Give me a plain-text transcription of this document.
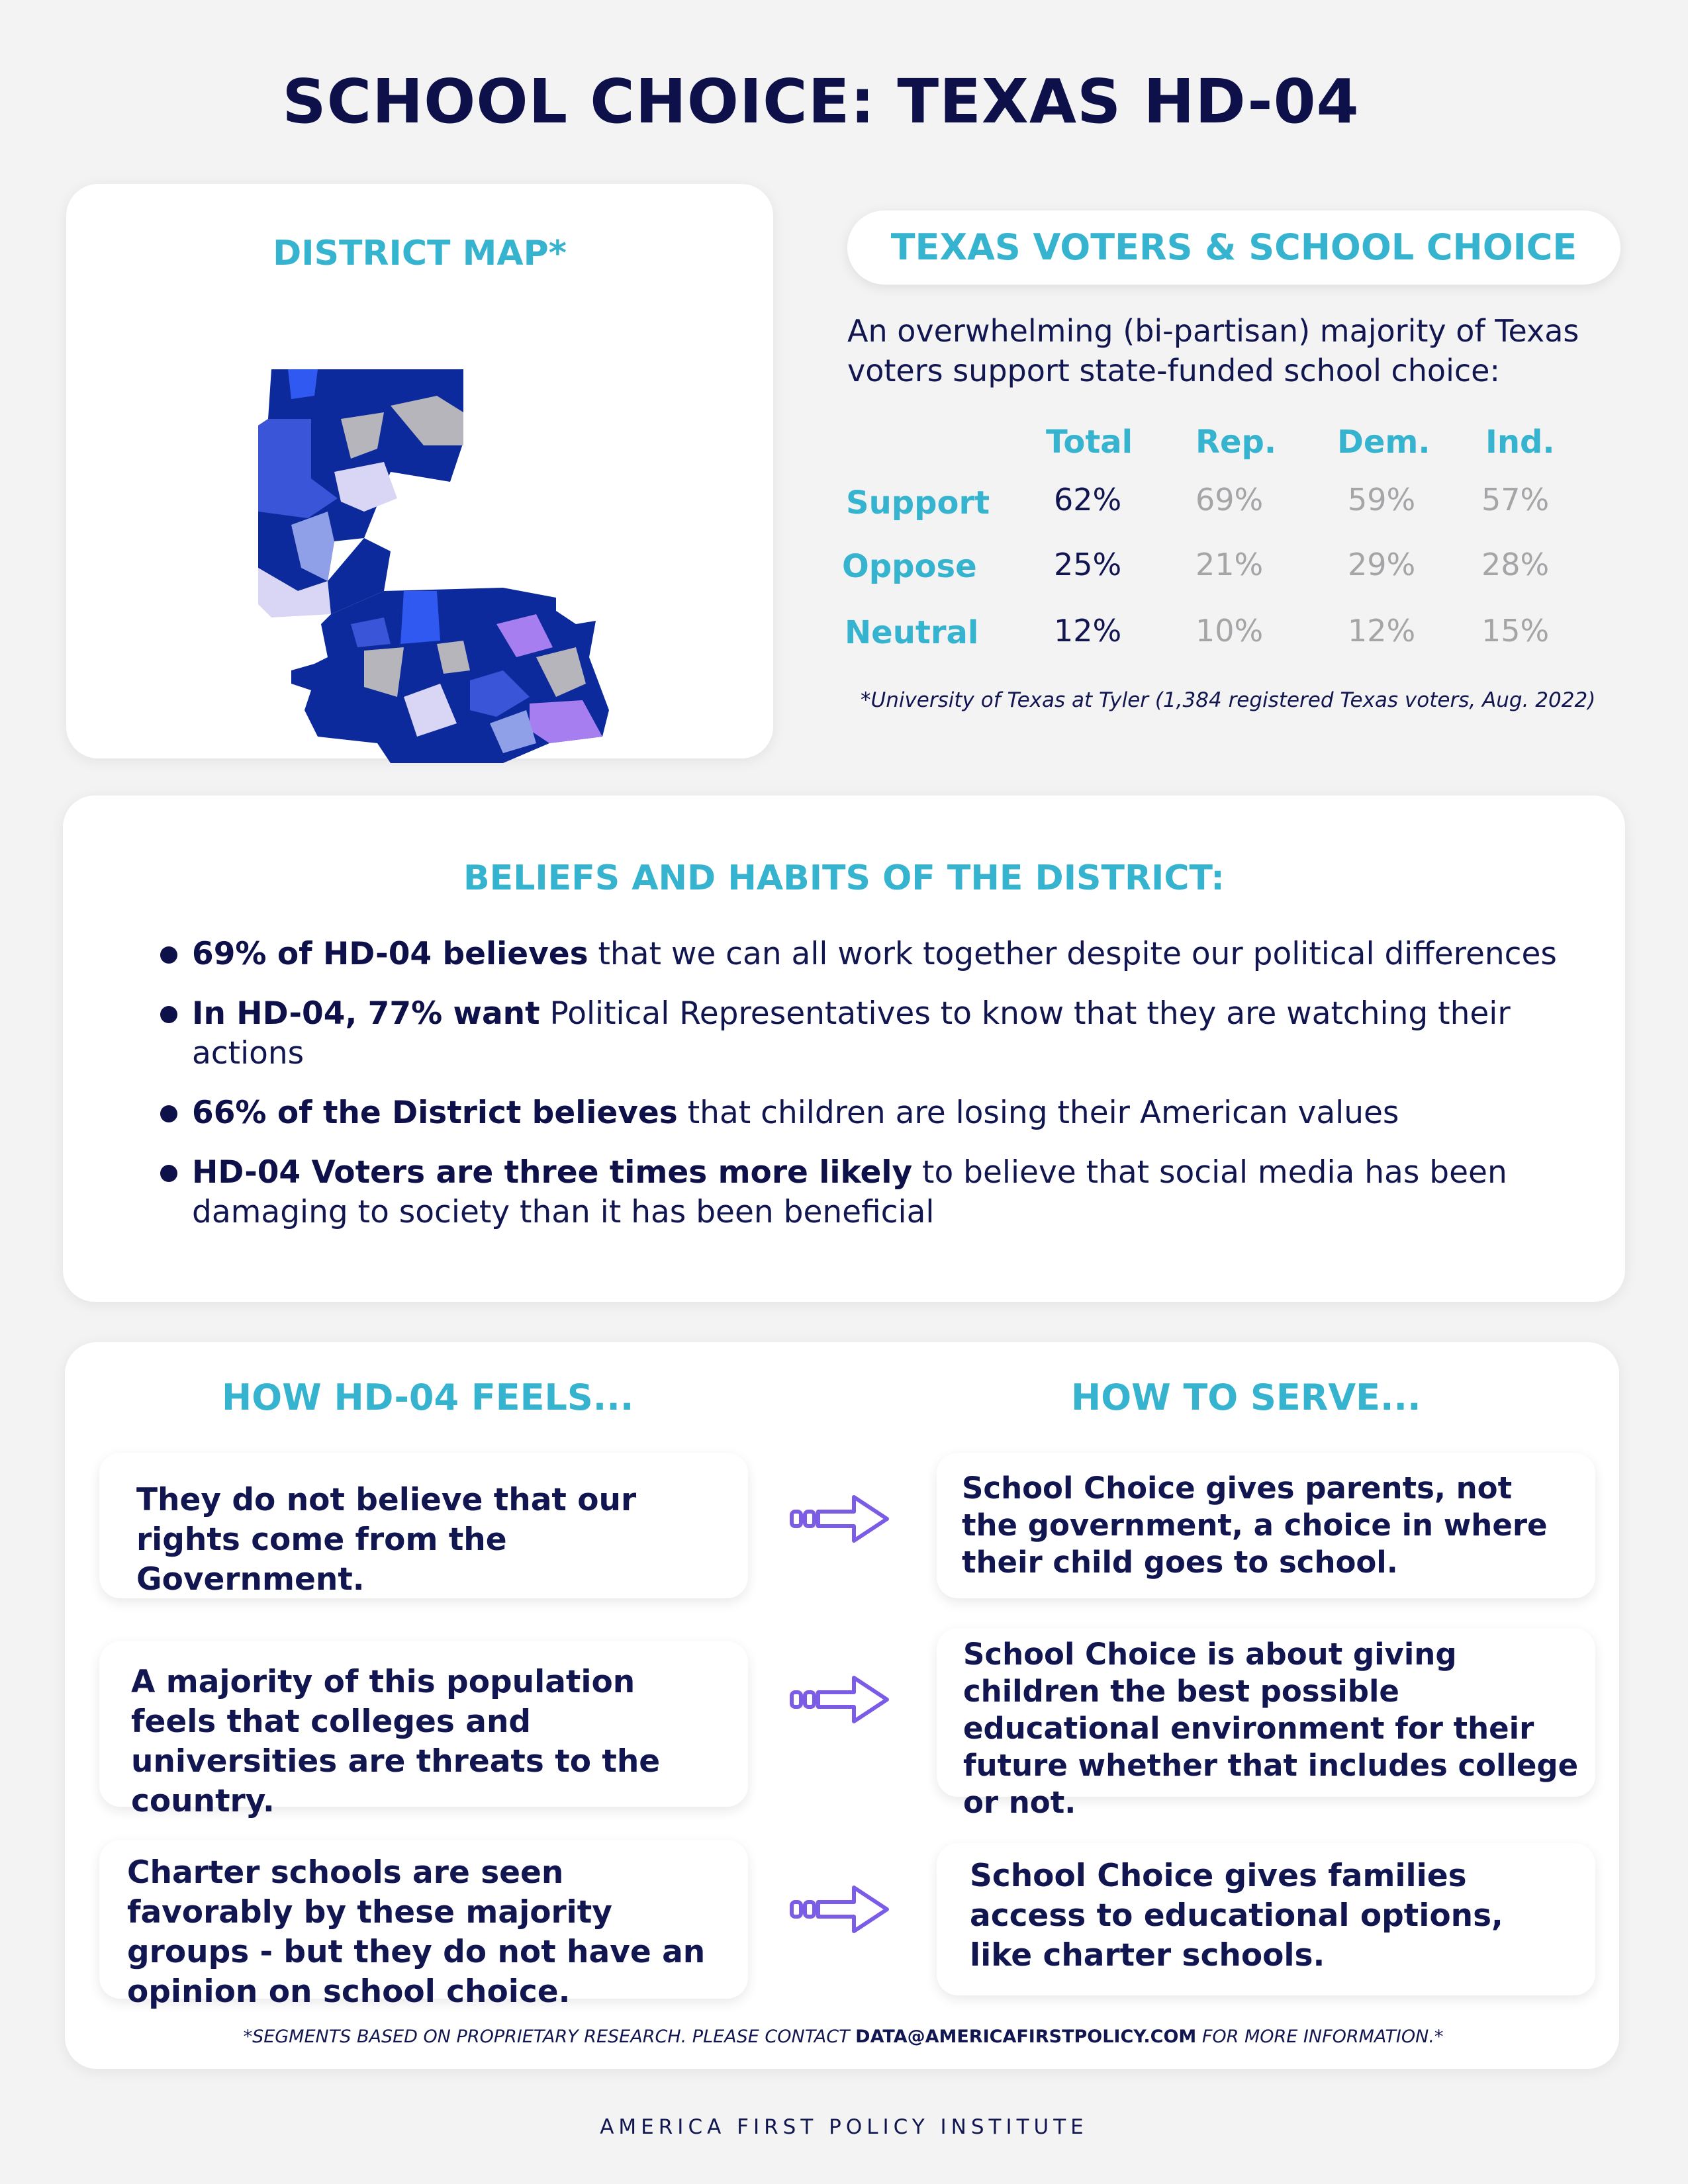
SCHOOL CHOICE: TEXAS HD-04
DISTRICT MAP*	TEXAS VOTERS & SCHOOL CHOICE
An overwhelming (bi-partisan) majority of Texas voters support state-funded school choice:
Total Rep. Dem. Ind.
Support 62% 69%	59% 57%
Oppose	25% 21%	29% 28%
Neutral 12% 10%	12% 15%
*University of Texas at Tyler (1,384 registered Texas voters, Aug. 2022)
BELIEFS AND HABITS OF THE DISTRICT:
69% of HD-04 believes that we can all work together despite our political differences
In HD-04, 77% want Political Representatives to know that they are watching their actions
66% of the District believes that children are losing their American values
HD-04 Voters are three times more likely to believe that social media has been damaging to society than it has been beneficial
HOW HD-04 FEELS...	HOW TO SERVE...
They do not believe that our rights come from the Government.
A majority of this population feels that colleges and universities are threats to the country.
Charter schools are seen favorably by these majority groups - but they do not have an opinion on school choice.
School Choice gives parents, not the government, a choice in where their child goes to school.
School Choice is about giving children the best possible educational environment for their future whether that includes college or not.
School Choice gives families access to educational options, like charter schools.
*SEGMENTS BASED ON PROPRIETARY RESEARCH. PLEASE CONTACT DATA@AMERICAFIRSTPOLICY.COM FOR MORE INFORMATION.*
AMERICA FIRST POLICY INSTITUTE
